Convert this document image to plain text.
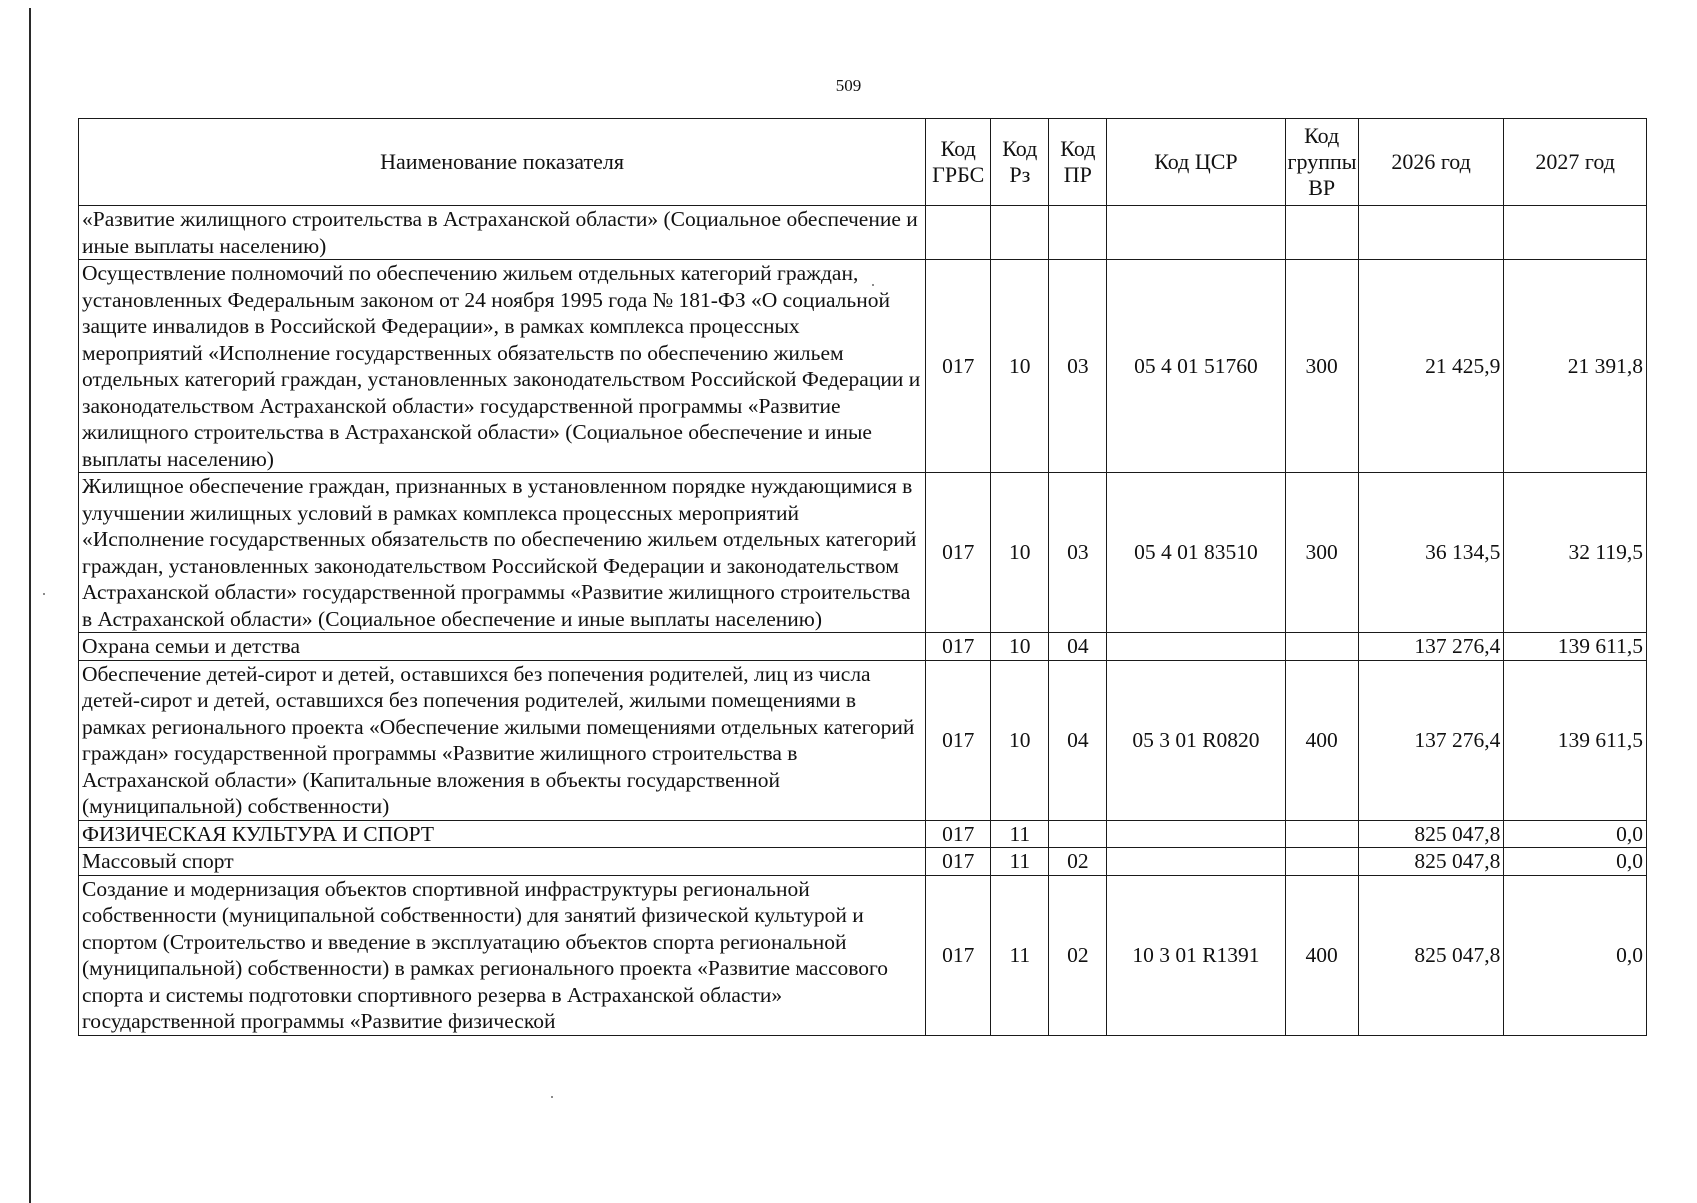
509
Наименование показателя	Код ГРБС	Код Рз	Код ПР	Код ЦСР	Код группы ВР	2026 год	2027 год
«Развитие жилищного строительства в Астраханской области» (Социальное обеспечение и иные выплаты населению)							
Осуществление полномочий по обеспечению жильем отдельных категорий граждан, установленных Федеральным законом от 24 ноября 1995 года № 181-ФЗ «О социальной защите инвалидов в Российской Федерации», в рамках комплекса процессных мероприятий «Исполнение государственных обязательств по обеспечению жильем отдельных категорий граждан, установленных законодательством Российской Федерации и законодательством Астраханской области» государственной программы «Развитие жилищного строительства в Астраханской области» (Социальное обеспечение и иные выплаты населению)	017	10	03	05 4 01 51760	300	21 425,9	21 391,8
Жилищное обеспечение граждан, признанных в установленном порядке нуждающимися в улучшении жилищных условий в рамках комплекса процессных мероприятий «Исполнение государственных обязательств по обеспечению жильем отдельных категорий граждан, установленных законодательством Российской Федерации и законодательством Астраханской области» государственной программы «Развитие жилищного строительства в Астраханской области» (Социальное обеспечение и иные выплаты населению)	017	10	03	05 4 01 83510	300	36 134,5	32 119,5
Охрана семьи и детства	017	10	04			137 276,4	139 611,5
Обеспечение детей-сирот и детей, оставшихся без попечения родителей, лиц из числа детей-сирот и детей, оставшихся без попечения родителей, жилыми помещениями в рамках регионального проекта «Обеспечение жилыми помещениями отдельных категорий граждан» государственной программы «Развитие жилищного строительства в Астраханской области» (Капитальные вложения в объекты государственной (муниципальной) собственности)	017	10	04	05 3 01 R0820	400	137 276,4	139 611,5
ФИЗИЧЕСКАЯ КУЛЬТУРА И СПОРТ	017	11				825 047,8	0,0
Массовый спорт	017	11	02			825 047,8	0,0
Создание и модернизация объектов спортивной инфраструктуры региональной собственности (муниципальной собственности) для занятий физической культурой и спортом (Строительство и введение в эксплуатацию объектов спорта региональной (муниципальной) собственности) в рамках регионального проекта «Развитие массового спорта и системы подготовки спортивного резерва в Астраханской области» государственной программы «Развитие физической	017	11	02	10 3 01 R1391	400	825 047,8	0,0
